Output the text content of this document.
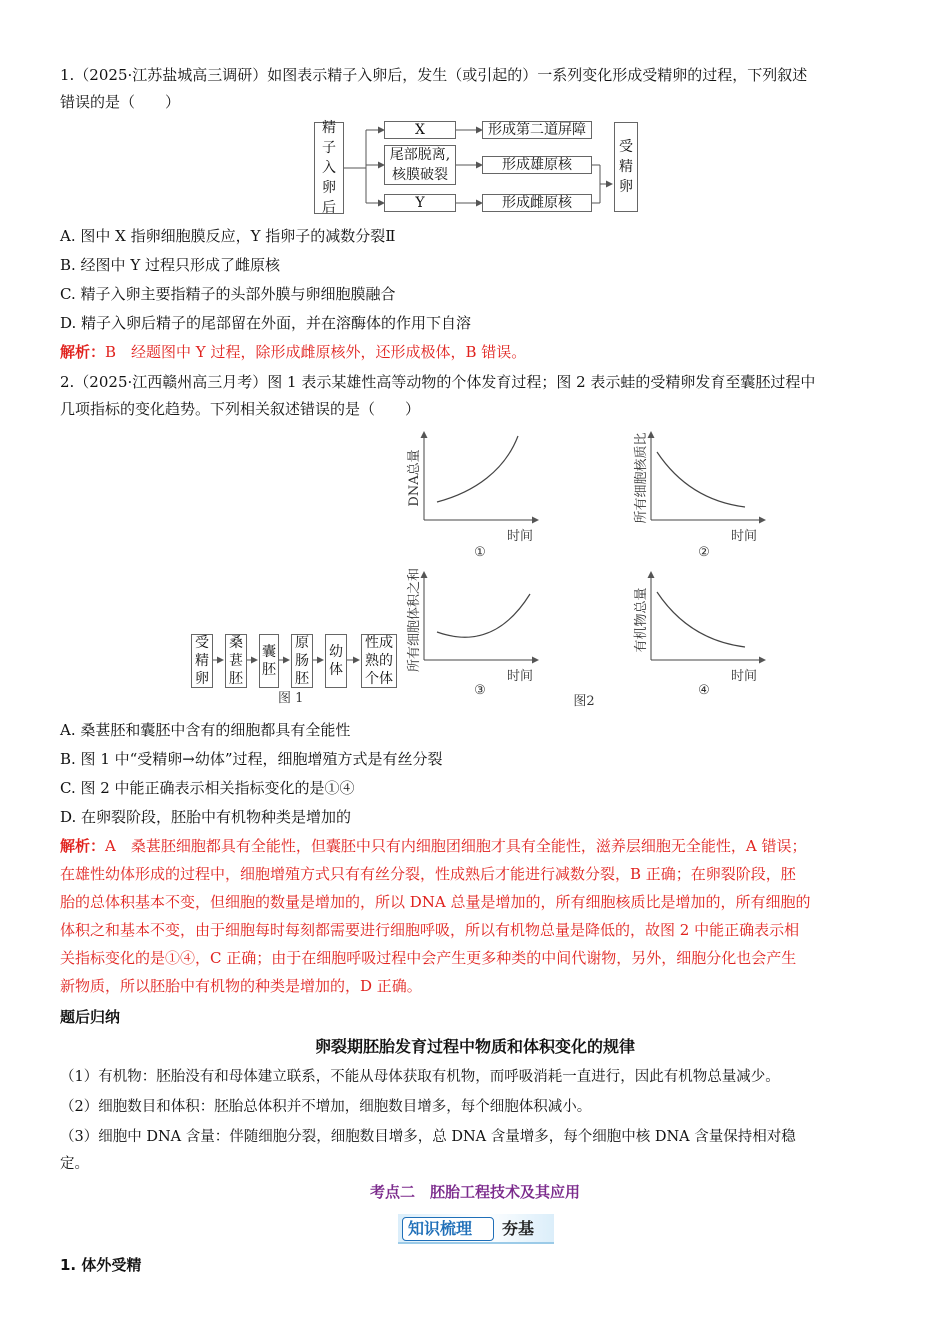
1.（2025·江苏盐城高三调研）如图表示精子入卵后，发生（或引起的）一系列变化形成受精卵的过程，下列叙述
错误的是（　　）
精
子
入
卵
后
X
尾部脱离,
核膜破裂
Y
形成第二道屏障
形成雄原核
形成雌原核
受
精
卵
A. 图中 X 指卵细胞膜反应，Y 指卵子的减数分裂Ⅱ
B. 经图中 Y 过程只形成了雌原核
C. 精子入卵主要指精子的头部外膜与卵细胞膜融合
D. 精子入卵后精子的尾部留在外面，并在溶酶体的作用下自溶
解析：B　经题图中 Y 过程，除形成雌原核外，还形成极体，B 错误。
2.（2025·江西赣州高三月考）图 1 表示某雄性高等动物的个体发育过程；图 2 表示蛙的受精卵发育至囊胚过程中
几项指标的变化趋势。下列相关叙述错误的是（　　）
受
精
卵
桑
葚
胚
囊
胚
原
肠
胚
幼
体
性成
熟的
个体
图 1
DNA总量
时间
①
所有细胞核质比
时间
②
所有细胞体积之和
时间
③
有机物总量
时间
④
图2
A. 桑葚胚和囊胚中含有的细胞都具有全能性
B. 图 1 中“受精卵→幼体”过程，细胞增殖方式是有丝分裂
C. 图 2 中能正确表示相关指标变化的是①④
D. 在卵裂阶段，胚胎中有机物种类是增加的
解析：A　桑葚胚细胞都具有全能性，但囊胚中只有内细胞团细胞才具有全能性，滋养层细胞无全能性，A 错误；
在雄性幼体形成的过程中，细胞增殖方式只有有丝分裂，性成熟后才能进行减数分裂，B 正确；在卵裂阶段，胚
胎的总体积基本不变，但细胞的数量是增加的，所以 DNA 总量是增加的，所有细胞核质比是增加的，所有细胞的
体积之和基本不变，由于细胞每时每刻都需要进行细胞呼吸，所以有机物总量是降低的，故图 2 中能正确表示相
关指标变化的是①④，C 正确；由于在细胞呼吸过程中会产生更多种类的中间代谢物，另外，细胞分化也会产生
新物质，所以胚胎中有机物的种类是增加的，D 正确。
题后归纳
卵裂期胚胎发育过程中物质和体积变化的规律
（1）有机物：胚胎没有和母体建立联系，不能从母体获取有机物，而呼吸消耗一直进行，因此有机物总量减少。
（2）细胞数目和体积：胚胎总体积并不增加，细胞数目增多，每个细胞体积减小。
（3）细胞中 DNA 含量：伴随细胞分裂，细胞数目增多，总 DNA 含量增多，每个细胞中核 DNA 含量保持相对稳
定。
考点二　胚胎工程技术及其应用
知识梳理 夯基
1. 体外受精
